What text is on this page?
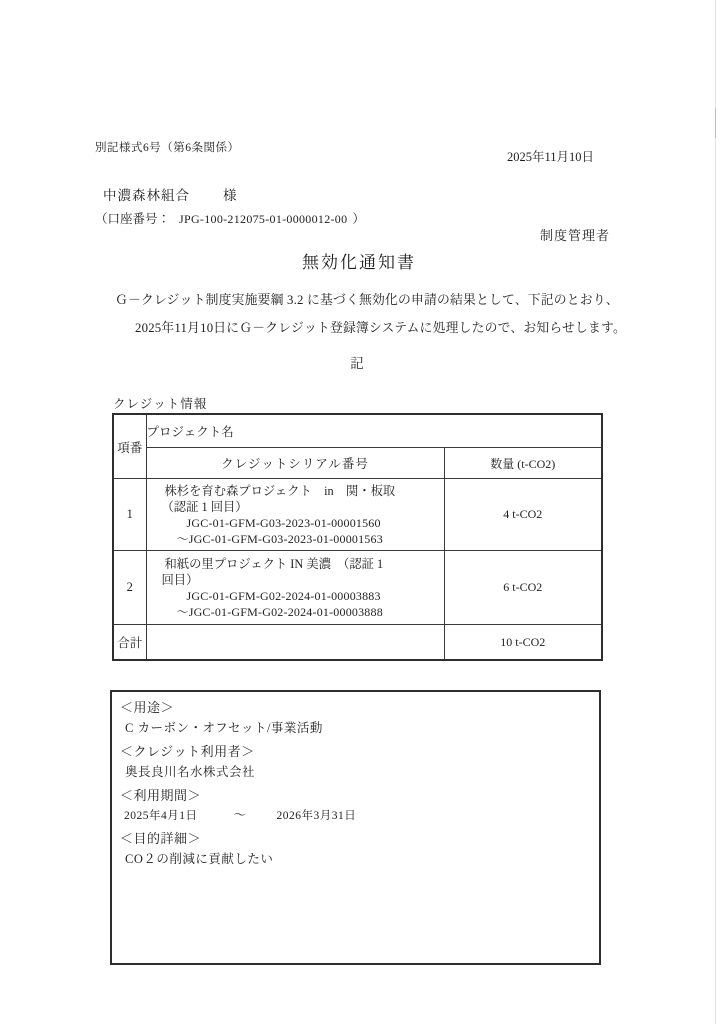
別記様式6号（第6条関係）
2025年11月10日
中濃森林組合 様
（口座番号： JPG-100-212075-01-0000012-00 ）
制度管理者
無効化通知書
Ｇ－クレジット制度実施要綱 3.2 に基づく無効化の申請の結果として、下記のとおり、
2025年11月10日にＧ－クレジット登録簿システムに処理したので、お知らせします。
記
クレジット情報
項番	プロジェクト名	
	クレジットシリアル番号	数量 (t-CO2)
1	株杉を育む森プロジェクト　in　関・板取
（認証 1 回目）
JGC-01-GFM-G03-2023-01-00001560
～JGC-01-GFM-G03-2023-01-00001563	4 t-CO2
2	和紙の里プロジェクト IN 美濃　（認証 1
回目）
JGC-01-GFM-G02-2024-01-00003883
～JGC-01-GFM-G02-2024-01-00003888	6 t-CO2
合計		10 t-CO2
＜用途＞
C カーボン・オフセット/事業活動
＜クレジット利用者＞
奥長良川名水株式会社
＜利用期間＞
2025年4月1日	～	2026年3月31日
＜目的詳細＞
CO２の削減に貢献したい
